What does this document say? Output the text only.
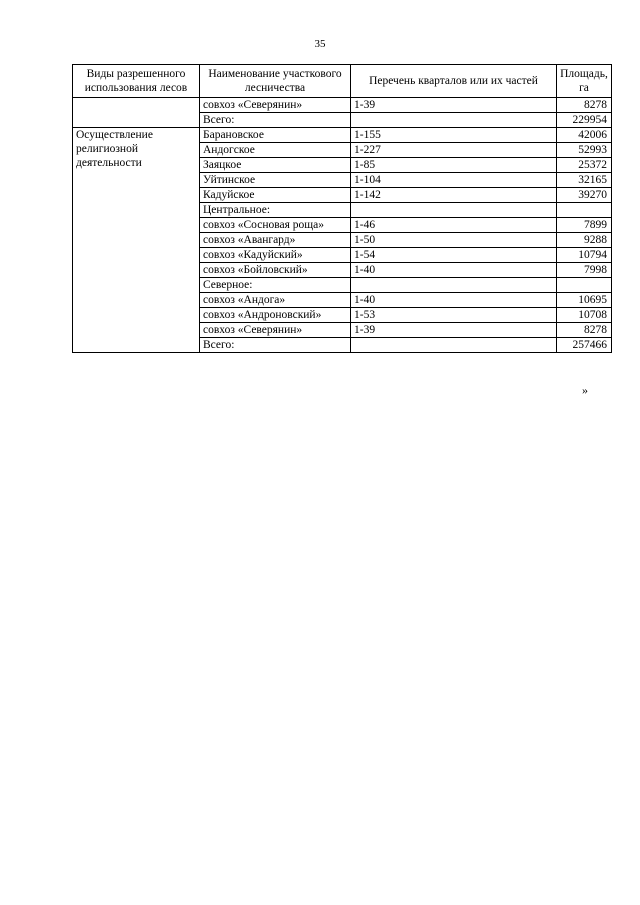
35
Виды разрешенного использования лесов	Наименование участкового лесничества	Перечень кварталов или их частей	Площадь, га
	совхоз «Северянин»	1-39	8278
	Всего:		229954
Осуществление религиозной деятельности	Барановское	1-155	42006
	Андогское	1-227	52993
	Заяцкое	1-85	25372
	Уйтинское	1-104	32165
	Кадуйское	1-142	39270
	Центральное:		
	совхоз «Сосновая роща»	1-46	7899
	совхоз «Авангард»	1-50	9288
	совхоз «Кадуйский»	1-54	10794
	совхоз «Бойловский»	1-40	7998
	Северное:		
	совхоз «Андога»	1-40	10695
	совхоз «Андроновский»	1-53	10708
	совхоз «Северянин»	1-39	8278
	Всего:		257466
»
